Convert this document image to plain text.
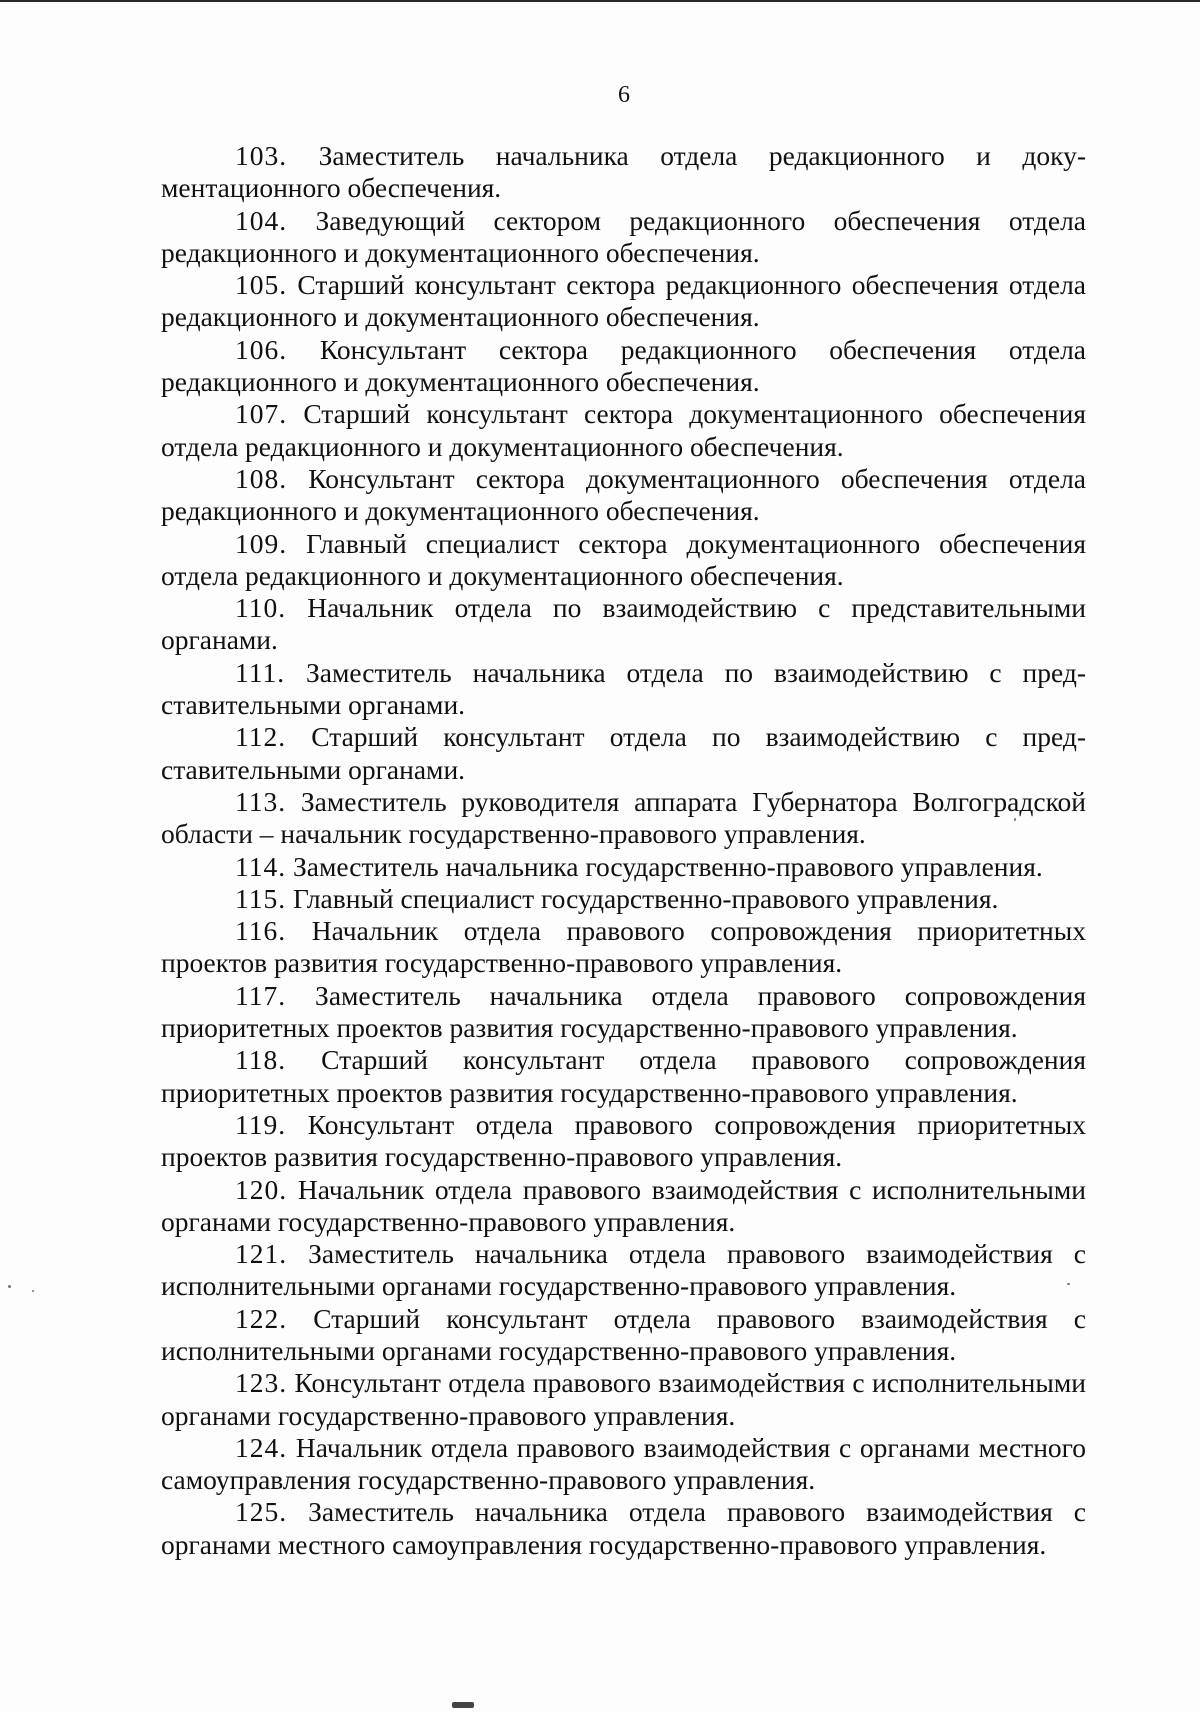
6

103. Заместитель начальника отдела редакционного и документационного обеспечения.

104. Заведующий сектором редакционного обеспечения отдела редакционного и документационного обеспечения.

105. Старший консультант сектора редакционного обеспечения отдела редакционного и документационного обеспечения.

106. Консультант сектора редакционного обеспечения отдела редакционного и документационного обеспечения.

107. Старший консультант сектора документационного обеспечения отдела редакционного и документационного обеспечения.

108. Консультант сектора документационного обеспечения отдела редакционного и документационного обеспечения.

109. Главный специалист сектора документационного обеспечения отдела редакционного и документационного обеспечения.

110. Начальник отдела по взаимодействию с представительными органами.

111. Заместитель начальника отдела по взаимодействию с представительными органами.

112. Старший консультант отдела по взаимодействию с представительными органами.

113. Заместитель руководителя аппарата Губернатора Волгоградской области – начальник государственно-правового управления.

114. Заместитель начальника государственно-правового управления.

115. Главный специалист государственно-правового управления.

116. Начальник отдела правового сопровождения приоритетных проектов развития государственно-правового управления.

117. Заместитель начальника отдела правового сопровождения приоритетных проектов развития государственно-правового управления.

118. Старший консультант отдела правового сопровождения приоритетных проектов развития государственно-правового управления.

119. Консультант отдела правового сопровождения приоритетных проектов развития государственно-правового управления.

120. Начальник отдела правового взаимодействия с исполнительными органами государственно-правового управления.

121. Заместитель начальника отдела правового взаимодействия с исполнительными органами государственно-правового управления.

122. Старший консультант отдела правового взаимодействия с исполнительными органами государственно-правового управления.

123. Консультант отдела правового взаимодействия с исполнительными органами государственно-правового управления.

124. Начальник отдела правового взаимодействия с органами местного самоуправления государственно-правового управления.

125. Заместитель начальника отдела правового взаимодействия с органами местного самоуправления государственно-правового управления.
